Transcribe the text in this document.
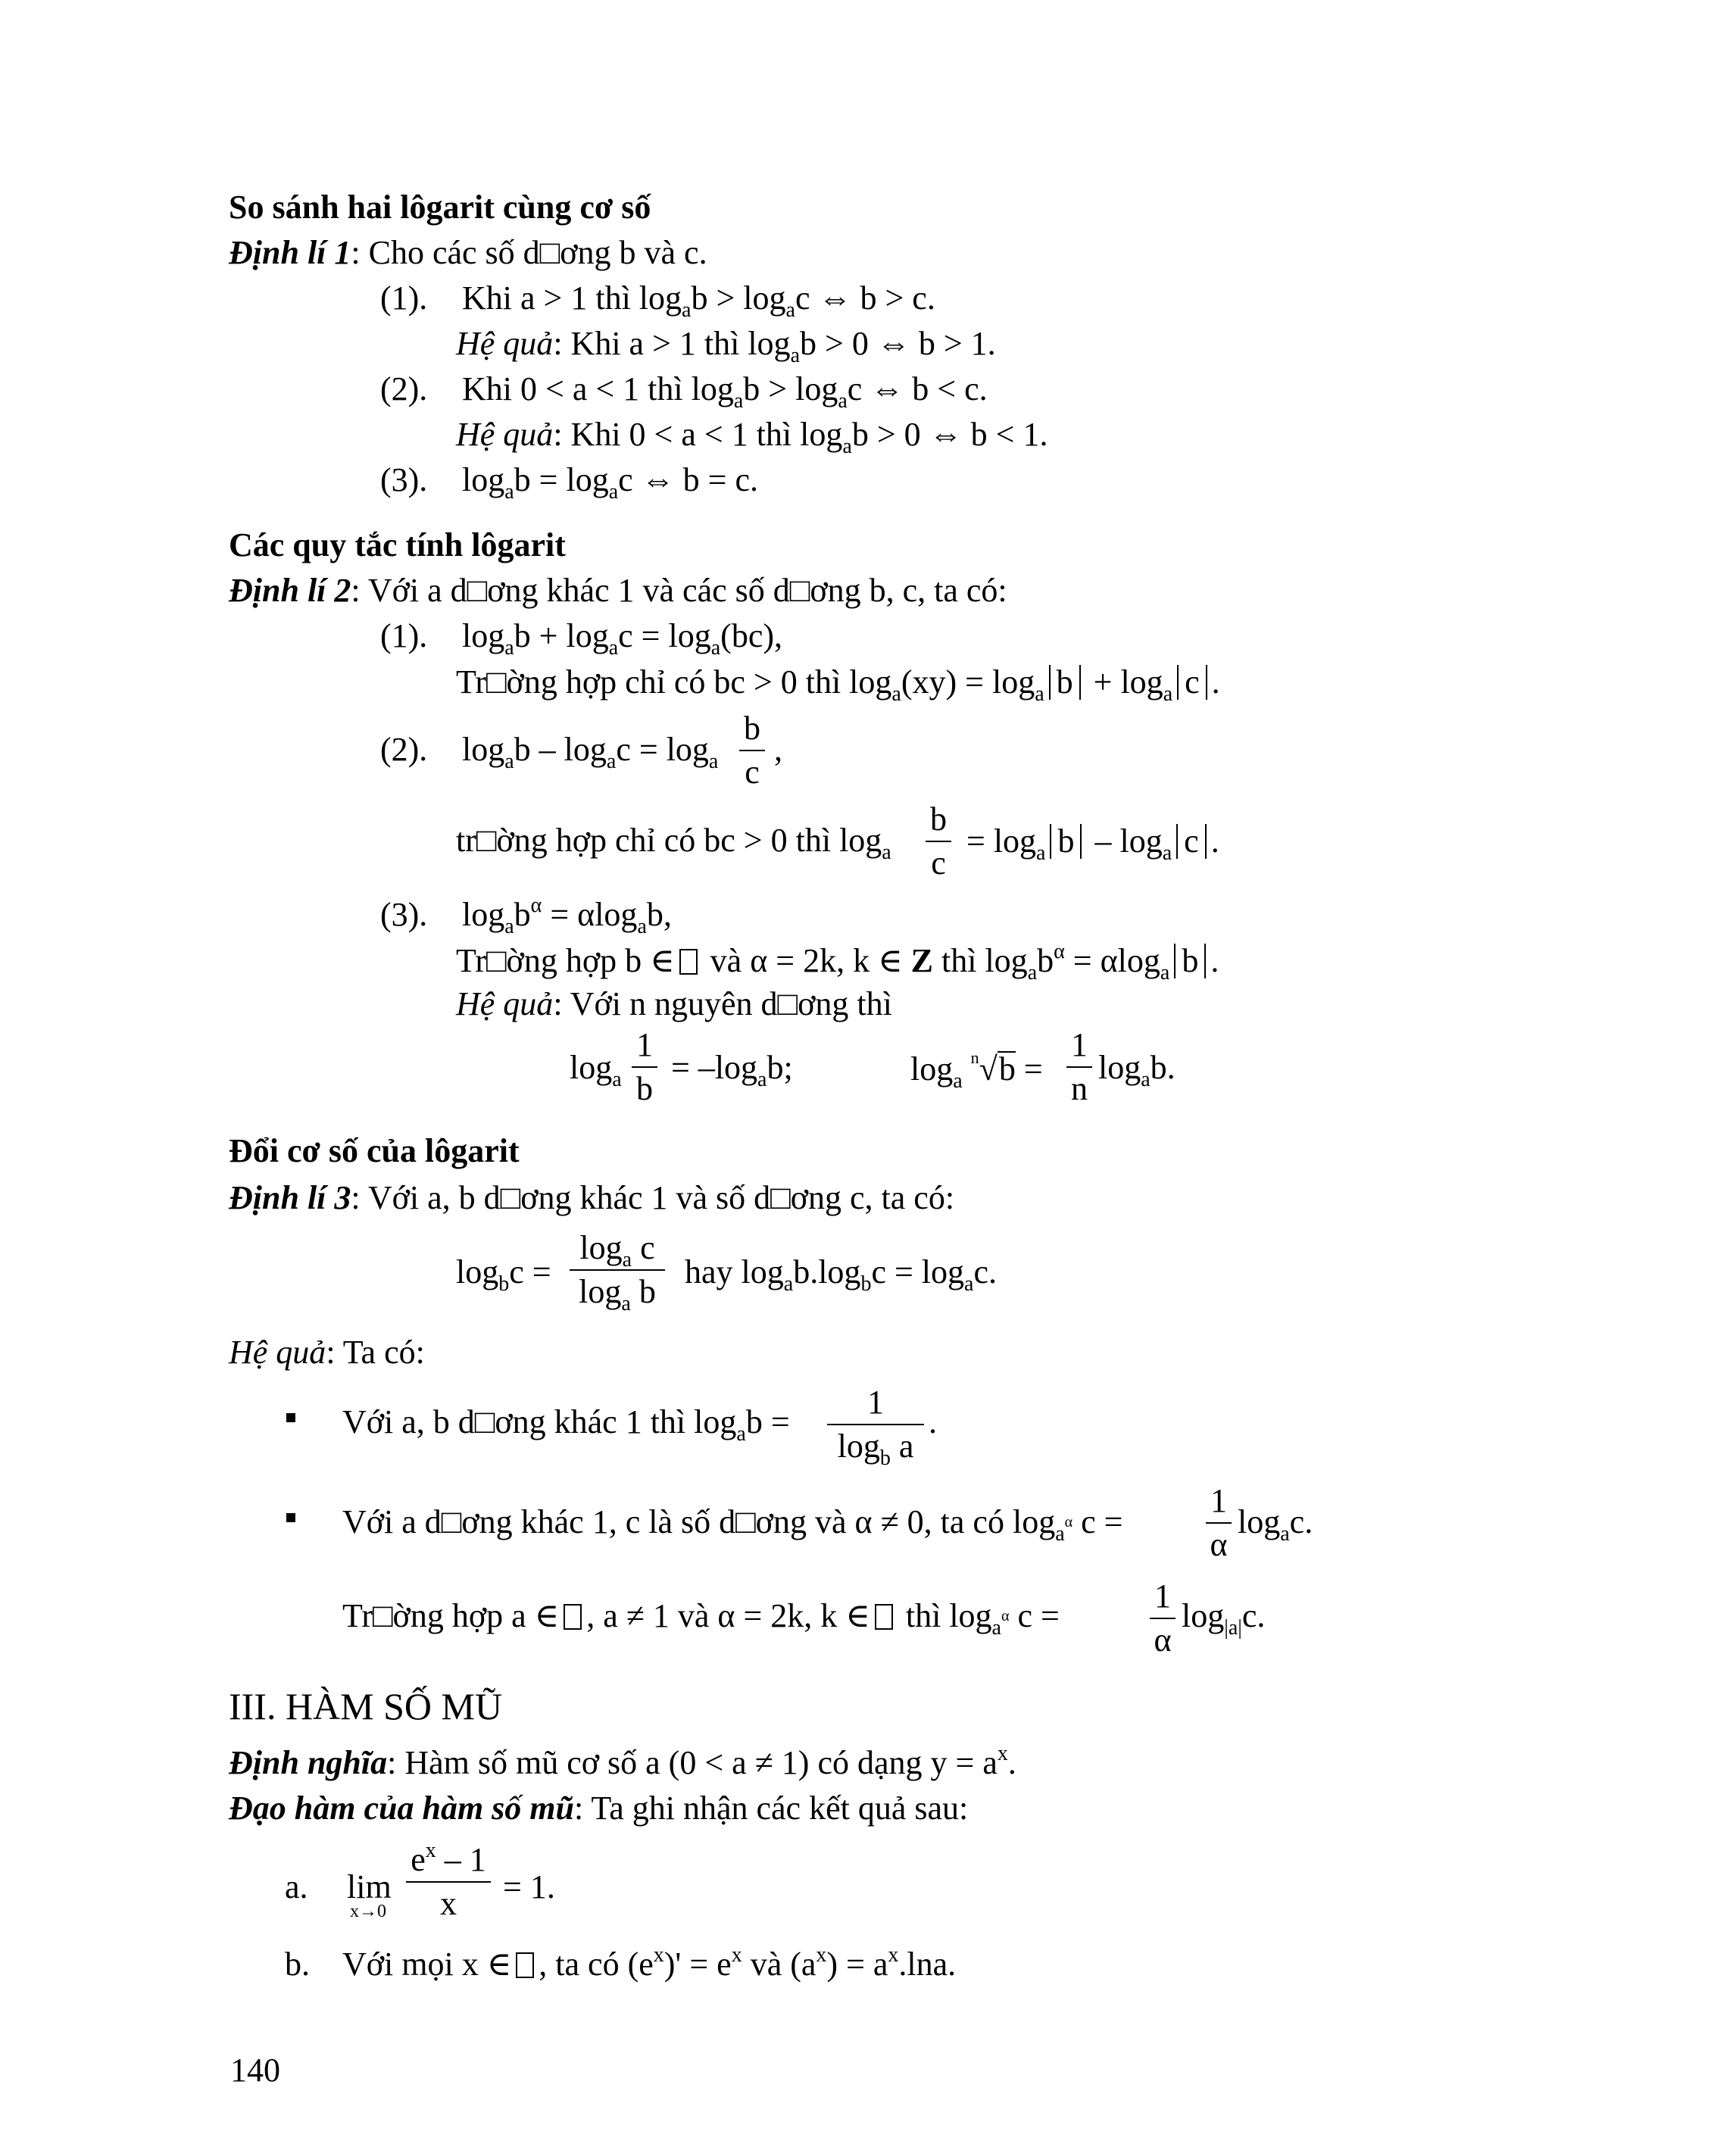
So sánh hai lôgarit cùng cơ số
Định lí 1: Cho các số d□ơng b và c.
(1). Khi a > 1 thì $\log_ab > \log_ac$ ⇔ b > c.
Hệ quả: Khi a > 1 thì $\log_ab > 0$ ⇔ b > 1.
(2). Khi 0 < a < 1 thì $\log_ab > \log_ac$ ⇔ b < c.
Hệ quả: Khi 0 < a < 1 thì $\log_ab > 0$ ⇔ b < 1.
(3). $\log_ab = \log_ac$ ⇔ b = c.
Các quy tắc tính lôgarit
Định lí 2: Với a d□ơng khác 1 và các số d□ơng b, c, ta có:
(1). $\log_ab + \log_ac = \log_a(bc)$,
Tr□ờng hợp chỉ có bc > 0 thì $\log_a(xy) = \log_a b + \log_a c$ .
(2). $\log_ab - \log_ac = \log_a$
b
c
,
tr□ờng hợp chỉ có bc > 0 thì $\log_a$
b
c
= $\log_a b - \log_a c$ .
(3). $\log_ab^\alpha = \alpha\log_ab$,
Tr□ờng hợp b ∈ và α = 2k, k ∈ Z thì $\log_ab^\alpha = \alpha\log_a$ b .
Hệ quả: Với n nguyên d□ơng thì
$\log_a$
1
b
= $-\log_ab$;	$\log_a ^n√b$ =
1
n
$\log_ab$.
Đổi cơ số của lôgarit
Định lí 3: Với a, b d□ơng khác 1 và số d□ơng c, ta có:
$\log_bc$ =
$\log_a c$
$\log_a b$
hay $\log_ab.\log_bc = \log_ac$.
Hệ quả: Ta có:
Với a, b d□ơng khác 1 thì $\log_ab$ =
1
$\log_b a$
.
Với a d□ơng khác 1, c là số d□ơng và α ≠ 0, ta có $\log_{a^\alpha} c$ =
1
α
$\log_ac$.
Tr□ờng hợp a ∈ , a ≠ 1 và α = 2k, k ∈ thì $\log_{a^\alpha} c$ =
1
α
$\log_{|a|}c$.
III. HÀM SỐ MŨ
Định nghĩa: Hàm số mũ cơ số a (0 < a ≠ 1) có dạng $y = a^x$.
Đạo hàm của hàm số mũ: Ta ghi nhận các kết quả sau:
a. lim
x→0
$e^x - 1$
x	= 1.
b. Với mọi x ∈ , ta có $(e^x)' = e^x$ và $(a^x) = a^x.\ln a$.
140
